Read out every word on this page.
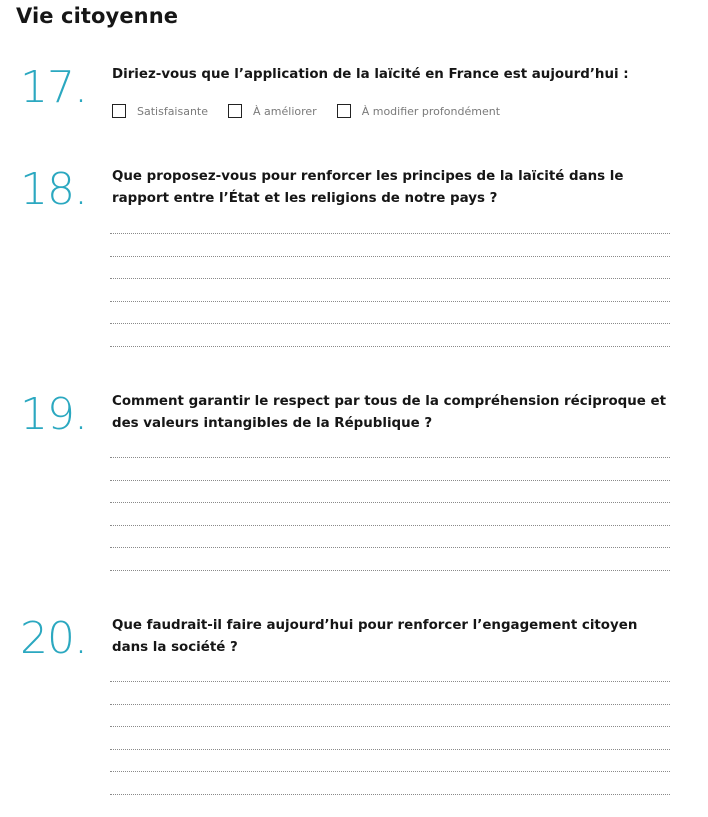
Vie citoyenne
17. Diriez-vous que l’application de la laïcité en France est aujourd’hui :
Satisfaisante	À améliorer	À modifier profondément
18. Que proposez-vous pour renforcer les principes de la laïcité dans le rapport entre l’État et les religions de notre pays ?
19. Comment garantir le respect par tous de la compréhension réciproque et des valeurs intangibles de la République ?
20. Que faudrait-il faire aujourd’hui pour renforcer l’engagement citoyen dans la société ?
